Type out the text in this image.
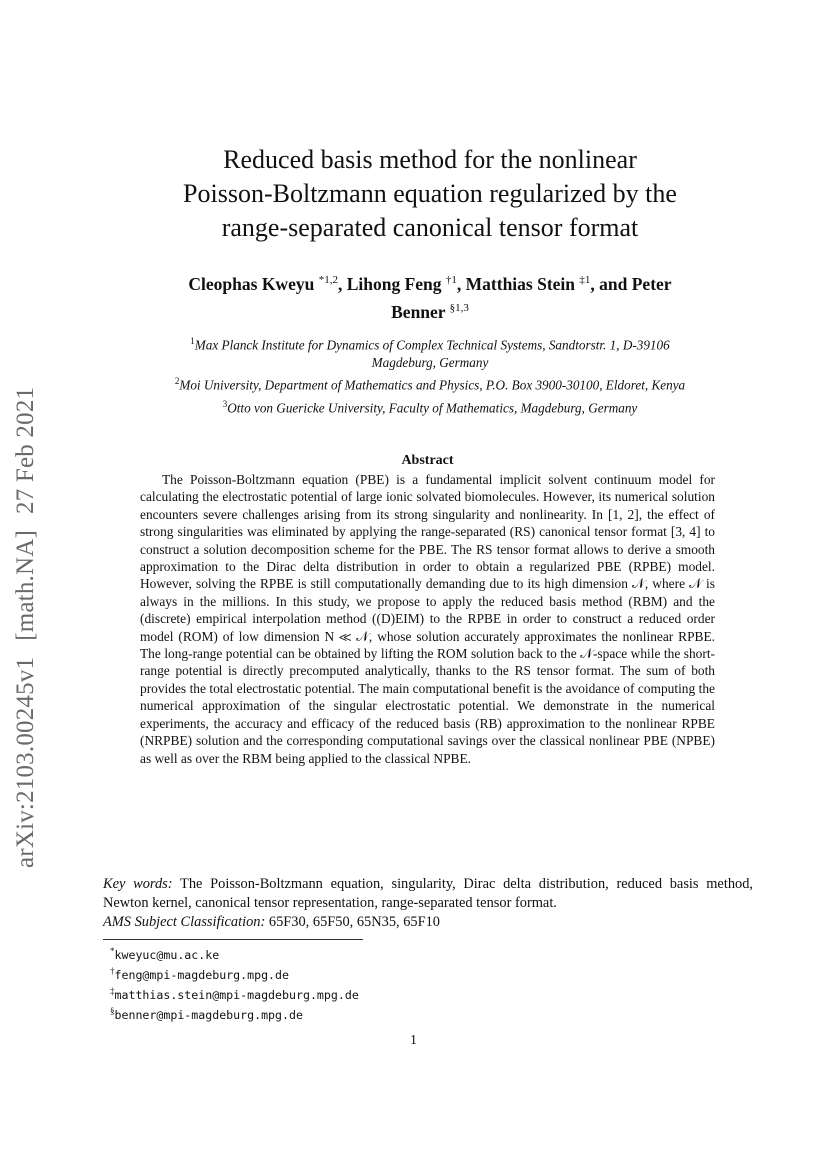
arXiv:2103.00245v1[math.NA]27 Feb 2021
Reduced basis method for the nonlinear
Poisson-Boltzmann equation regularized by the
range-separated canonical tensor format
Cleophas Kweyu $^{*1,2}$, Lihong Feng $^{\dagger 1}$, Matthias Stein $^{\ddagger 1}$, and Peter
Benner $^{\S 1,3}$
$^1$Max Planck Institute for Dynamics of Complex Technical Systems, Sandtorstr. 1, D-39106
Magdeburg, Germany
$^2$Moi University, Department of Mathematics and Physics, P.O. Box 3900-30100, Eldoret, Kenya
$^3$Otto von Guericke University, Faculty of Mathematics, Magdeburg, Germany
Abstract
The Poisson-Boltzmann equation (PBE) is a fundamental implicit solvent continuum model for calculating the electrostatic potential of large ionic solvated biomolecules. However, its numerical solution encounters severe challenges arising from its strong singularity and nonlinearity. In [1, 2], the effect of strong singularities was eliminated by applying the range-separated (RS) canonical tensor format [3, 4] to construct a solution decomposition scheme for the PBE. The RS tensor format allows to derive a smooth approximation to the Dirac delta distribution in order to obtain a regularized PBE (RPBE) model. However, solving the RPBE is still computationally demanding due to its high dimension 𝒩, where 𝒩 is always in the millions. In this study, we propose to apply the reduced basis method (RBM) and the (discrete) empirical interpolation method ((D)EIM) to the RPBE in order to construct a reduced order model (ROM) of low dimension N ≪ 𝒩, whose solution accurately approximates the nonlinear RPBE. The long-range potential can be obtained by lifting the ROM solution back to the 𝒩-space while the short-range potential is directly precomputed analytically, thanks to the RS tensor format. The sum of both provides the total electrostatic potential. The main computational benefit is the avoidance of computing the numerical approximation of the singular electrostatic potential. We demonstrate in the numerical experiments, the accuracy and efficacy of the reduced basis (RB) approximation to the nonlinear RPBE (NRPBE) solution and the corresponding computational savings over the classical nonlinear PBE (NPBE) as well as over the RBM being applied to the classical NPBE.
Key words: The Poisson-Boltzmann equation, singularity, Dirac delta distribution, reduced basis method, Newton kernel, canonical tensor representation, range-separated tensor format.
AMS Subject Classification: 65F30, 65F50, 65N35, 65F10
*kweyuc@mu.ac.ke
†feng@mpi-magdeburg.mpg.de
‡matthias.stein@mpi-magdeburg.mpg.de
§benner@mpi-magdeburg.mpg.de
1
